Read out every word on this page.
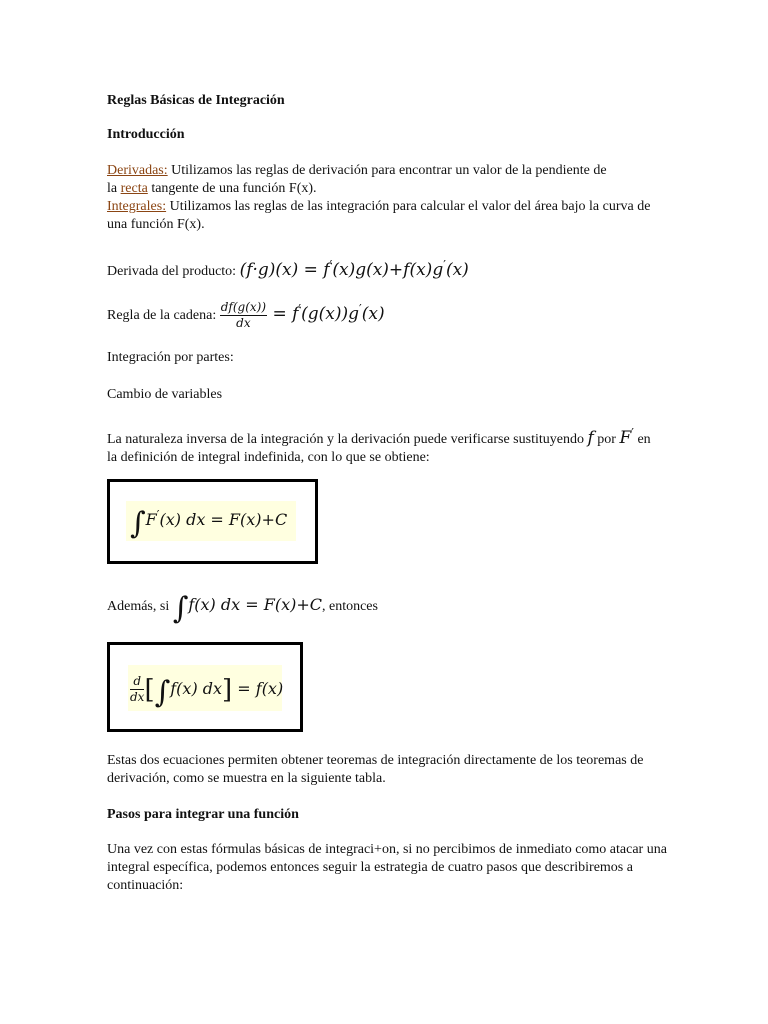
Reglas Básicas de Integración
Introducción
Derivadas: Utilizamos las reglas de derivación para encontrar un valor de la pendiente de
la recta tangente de una función F(x).
Integrales: Utilizamos las reglas de las integración para calcular el valor del área bajo la curva de
una función F(x).
Derivada del producto: (f·g)(x) = f′(x)g(x)+f(x)g′(x)
Regla de la cadena: $\frac{df(g(x))}{dx} = f'(g(x))g'(x)$
Integración por partes:
Cambio de variables
La naturaleza inversa de la integración y la derivación puede verificarse sustituyendo f por F′ en
la definición de integral indefinida, con lo que se obtiene:
∫F′(x) dx = F(x)+C
Además, si ∫f(x) dx = F(x)+C, entonces
$\frac{d}{dx} [\int f(x) dx] = f(x)$
Estas dos ecuaciones permiten obtener teoremas de integración directamente de los teoremas de
derivación, como se muestra en la siguiente tabla.
Pasos para integrar una función
Una vez con estas fórmulas básicas de integraci+on, si no percibimos de inmediato como atacar una
integral específica, podemos entonces seguir la estrategia de cuatro pasos que describiremos a
continuación:
